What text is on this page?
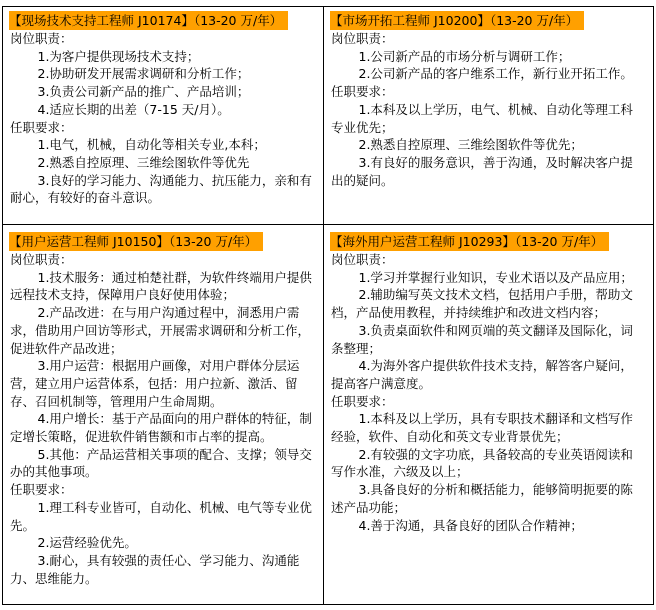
【现场技术支持工程师 J10174】（13-20 万/年）

岗位职责：

1.为客户提供现场技术支持；

2.协助研发开展需求调研和分析工作；

3.负责公司新产品的推广、产品培训；

4.适应长期的出差（7-15 天/月）。

任职要求：

1.电气，机械，自动化等相关专业,本科；

2.熟悉自控原理、三维绘图软件等优先

3.良好的学习能力、沟通能力、抗压能力，亲和有耐心，有较好的奋斗意识。

【市场开拓工程师 J10200】（13-20 万/年）

岗位职责：

1.公司新产品的市场分析与调研工作；

2.公司新产品的客户维系工作，新行业开拓工作。

任职要求：

1.本科及以上学历，电气、机械、自动化等理工科专业优先；

2.熟悉自控原理、三维绘图软件等优先；

3.有良好的服务意识，善于沟通，及时解决客户提出的疑问。

【用户运营工程师 J10150】（13-20 万/年）

岗位职责：

1.技术服务：通过柏楚社群，为软件终端用户提供远程技术支持，保障用户良好使用体验；

2.产品改进：在与用户沟通过程中，洞悉用户需求，借助用户回访等形式，开展需求调研和分析工作，促进软件产品改进；

3.用户运营：根据用户画像，对用户群体分层运营，建立用户运营体系，包括：用户拉新、激活、留存、召回机制等，管理用户生命周期。

4.用户增长：基于产品面向的用户群体的特征，制定增长策略，促进软件销售额和市占率的提高。

5.其他：产品运营相关事项的配合、支撑；领导交办的其他事项。

任职要求：

1.理工科专业皆可，自动化、机械、电气等专业优先。

2.运营经验优先。

3.耐心，具有较强的责任心、学习能力、沟通能力、思维能力。

【海外用户运营工程师 J10293】（13-20 万/年）

岗位职责：

1.学习并掌握行业知识，专业术语以及产品应用；

2.辅助编写英文技术文档，包括用户手册，帮助文档，产品使用教程，并持续维护和改进文档内容；

3.负责桌面软件和网页端的英文翻译及国际化，词条整理；

4.为海外客户提供软件技术支持，解答客户疑问，提高客户满意度。

任职要求：

1.本科及以上学历，具有专职技术翻译和文档写作经验，软件、自动化和英文专业背景优先；

2.有较强的文字功底，具备较高的专业英语阅读和写作水准，六级及以上；

3.具备良好的分析和概括能力，能够简明扼要的陈述产品功能；

4.善于沟通，具备良好的团队合作精神；
